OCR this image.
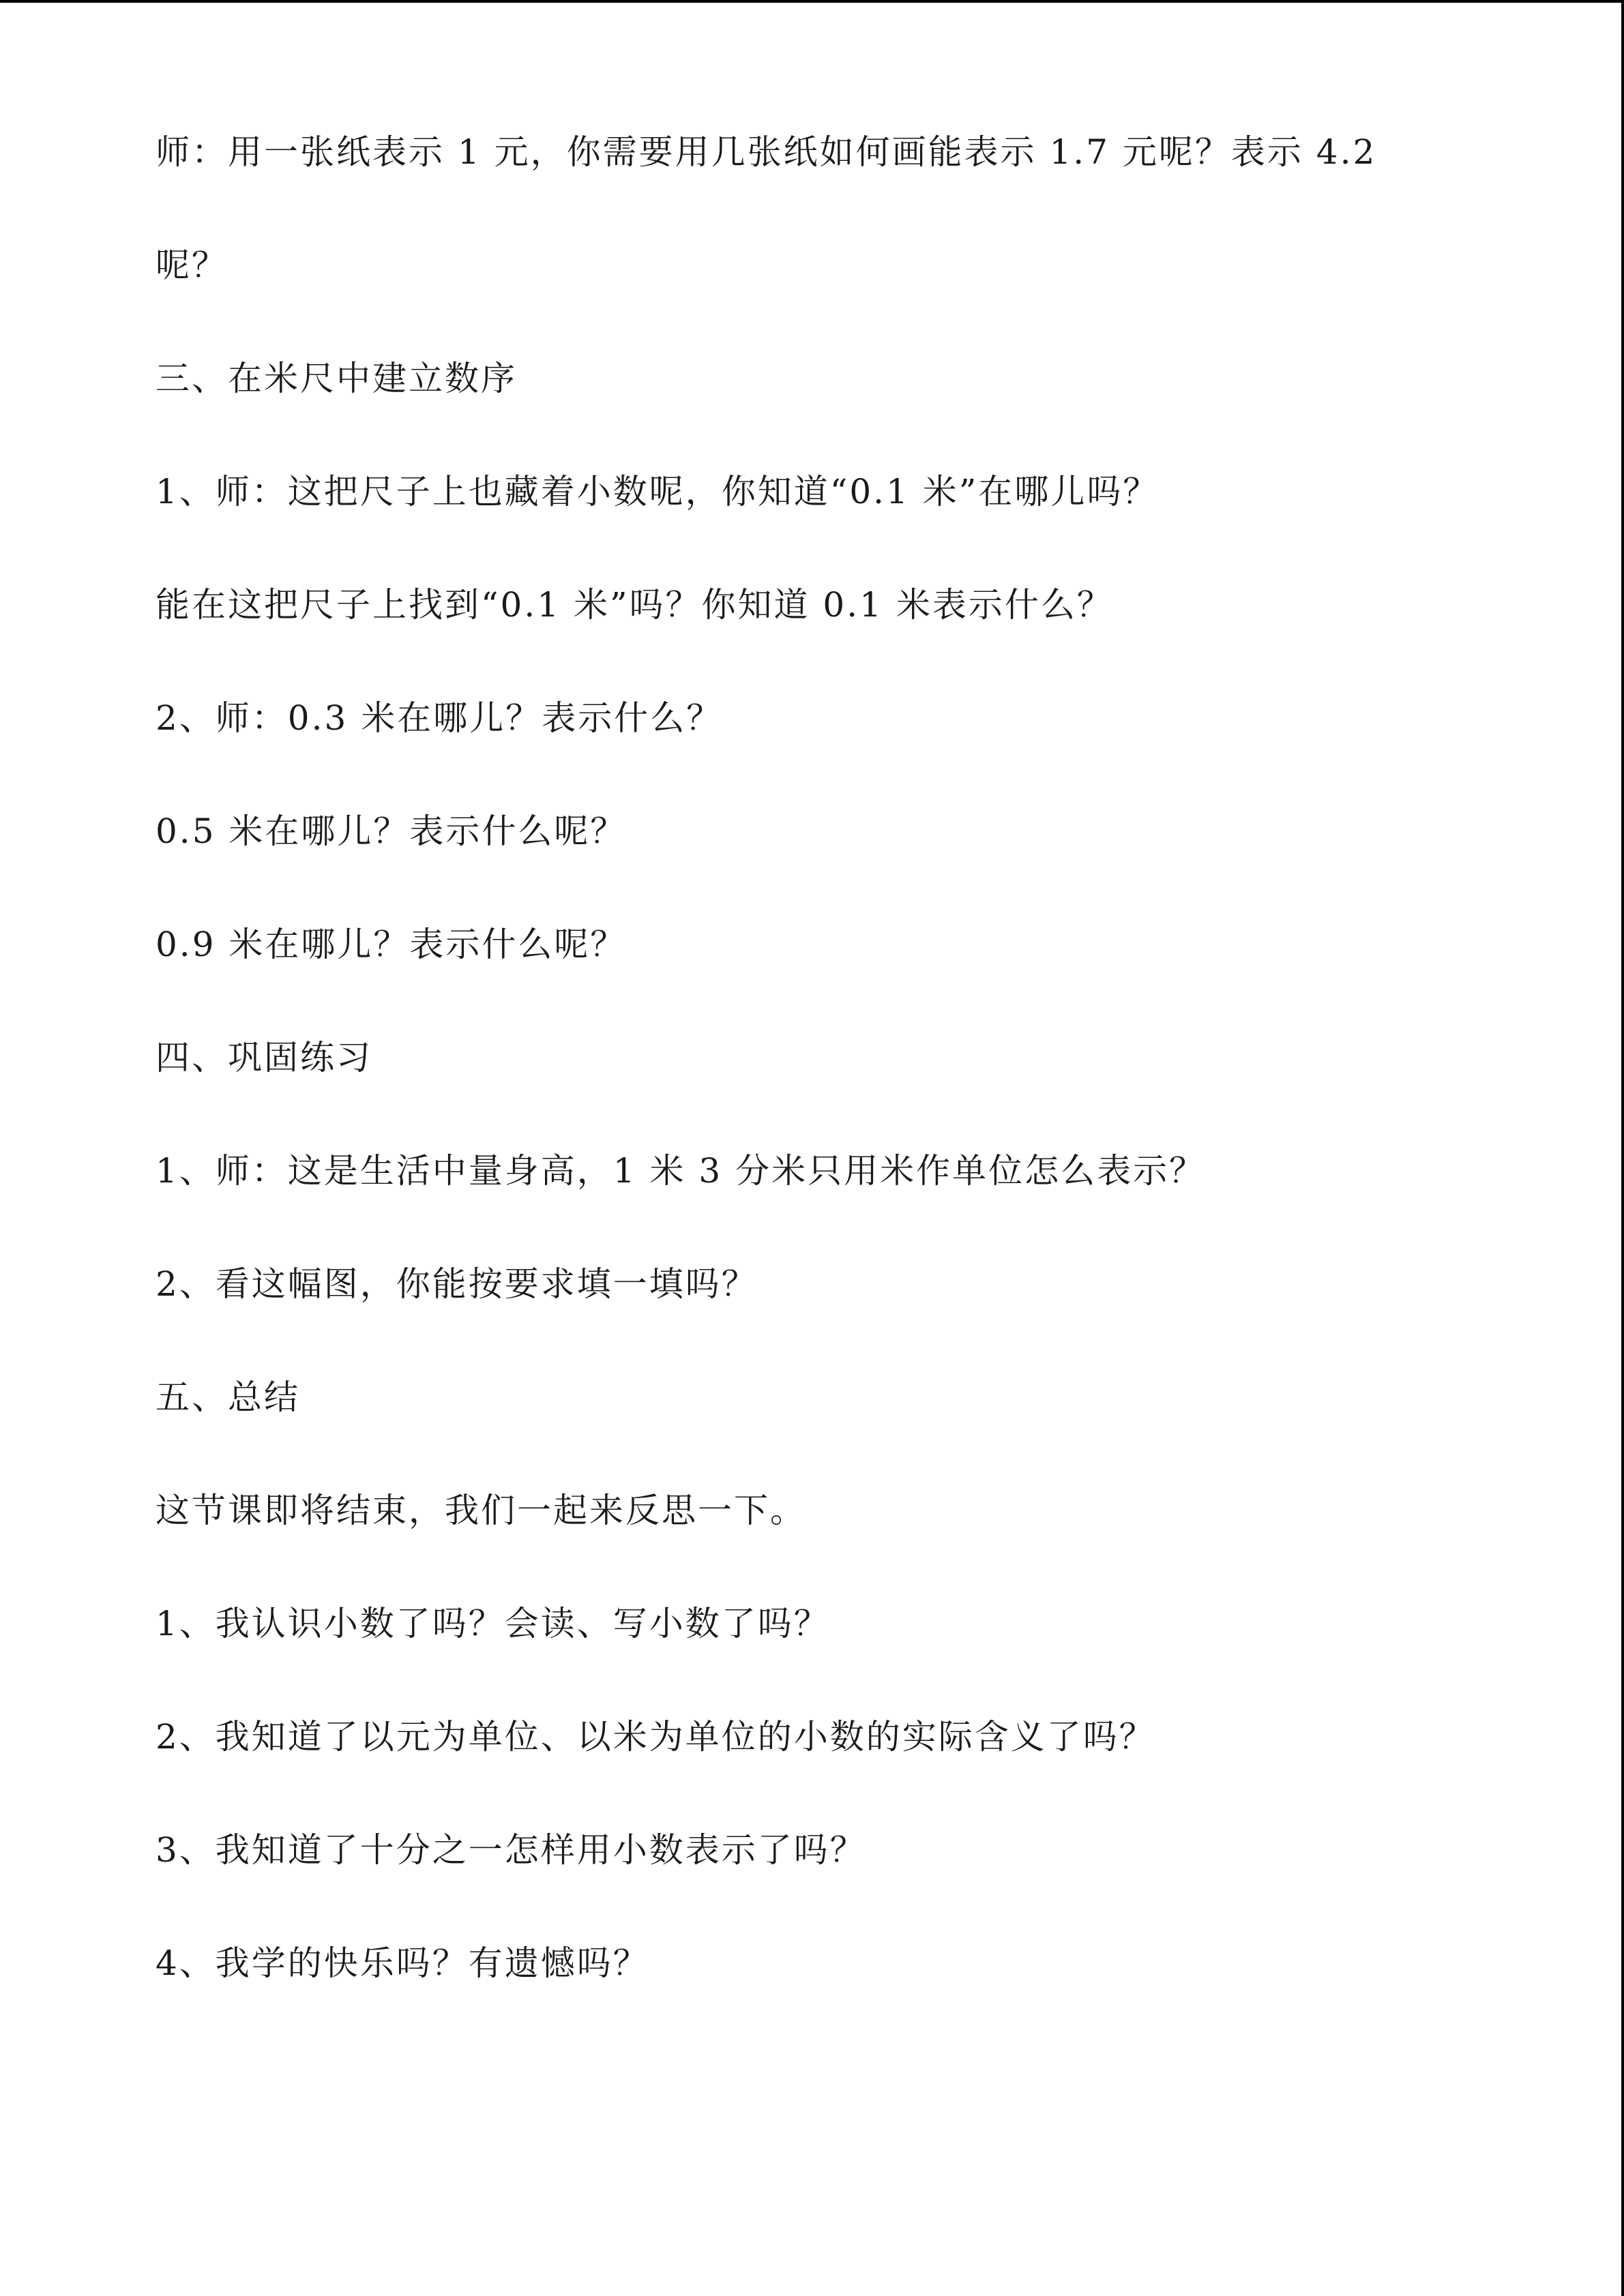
师：用一张纸表示 1 元，你需要用几张纸如何画能表示 1.7 元呢？表示 4.2 呢？

三、在米尺中建立数序

1、师：这把尺子上也藏着小数呢，你知道“0.1 米”在哪儿吗？

能在这把尺子上找到“0.1 米”吗？你知道 0.1 米表示什么？

2、师：0.3 米在哪儿？表示什么？

0.5 米在哪儿？表示什么呢？

0.9 米在哪儿？表示什么呢？

四、巩固练习

1、师：这是生活中量身高，1 米 3 分米只用米作单位怎么表示？

2、看这幅图，你能按要求填一填吗？

五、总结

这节课即将结束，我们一起来反思一下。

1、我认识小数了吗？会读、写小数了吗？

2、我知道了以元为单位、以米为单位的小数的实际含义了吗？

3、我知道了十分之一怎样用小数表示了吗？

4、我学的快乐吗？有遗憾吗？
